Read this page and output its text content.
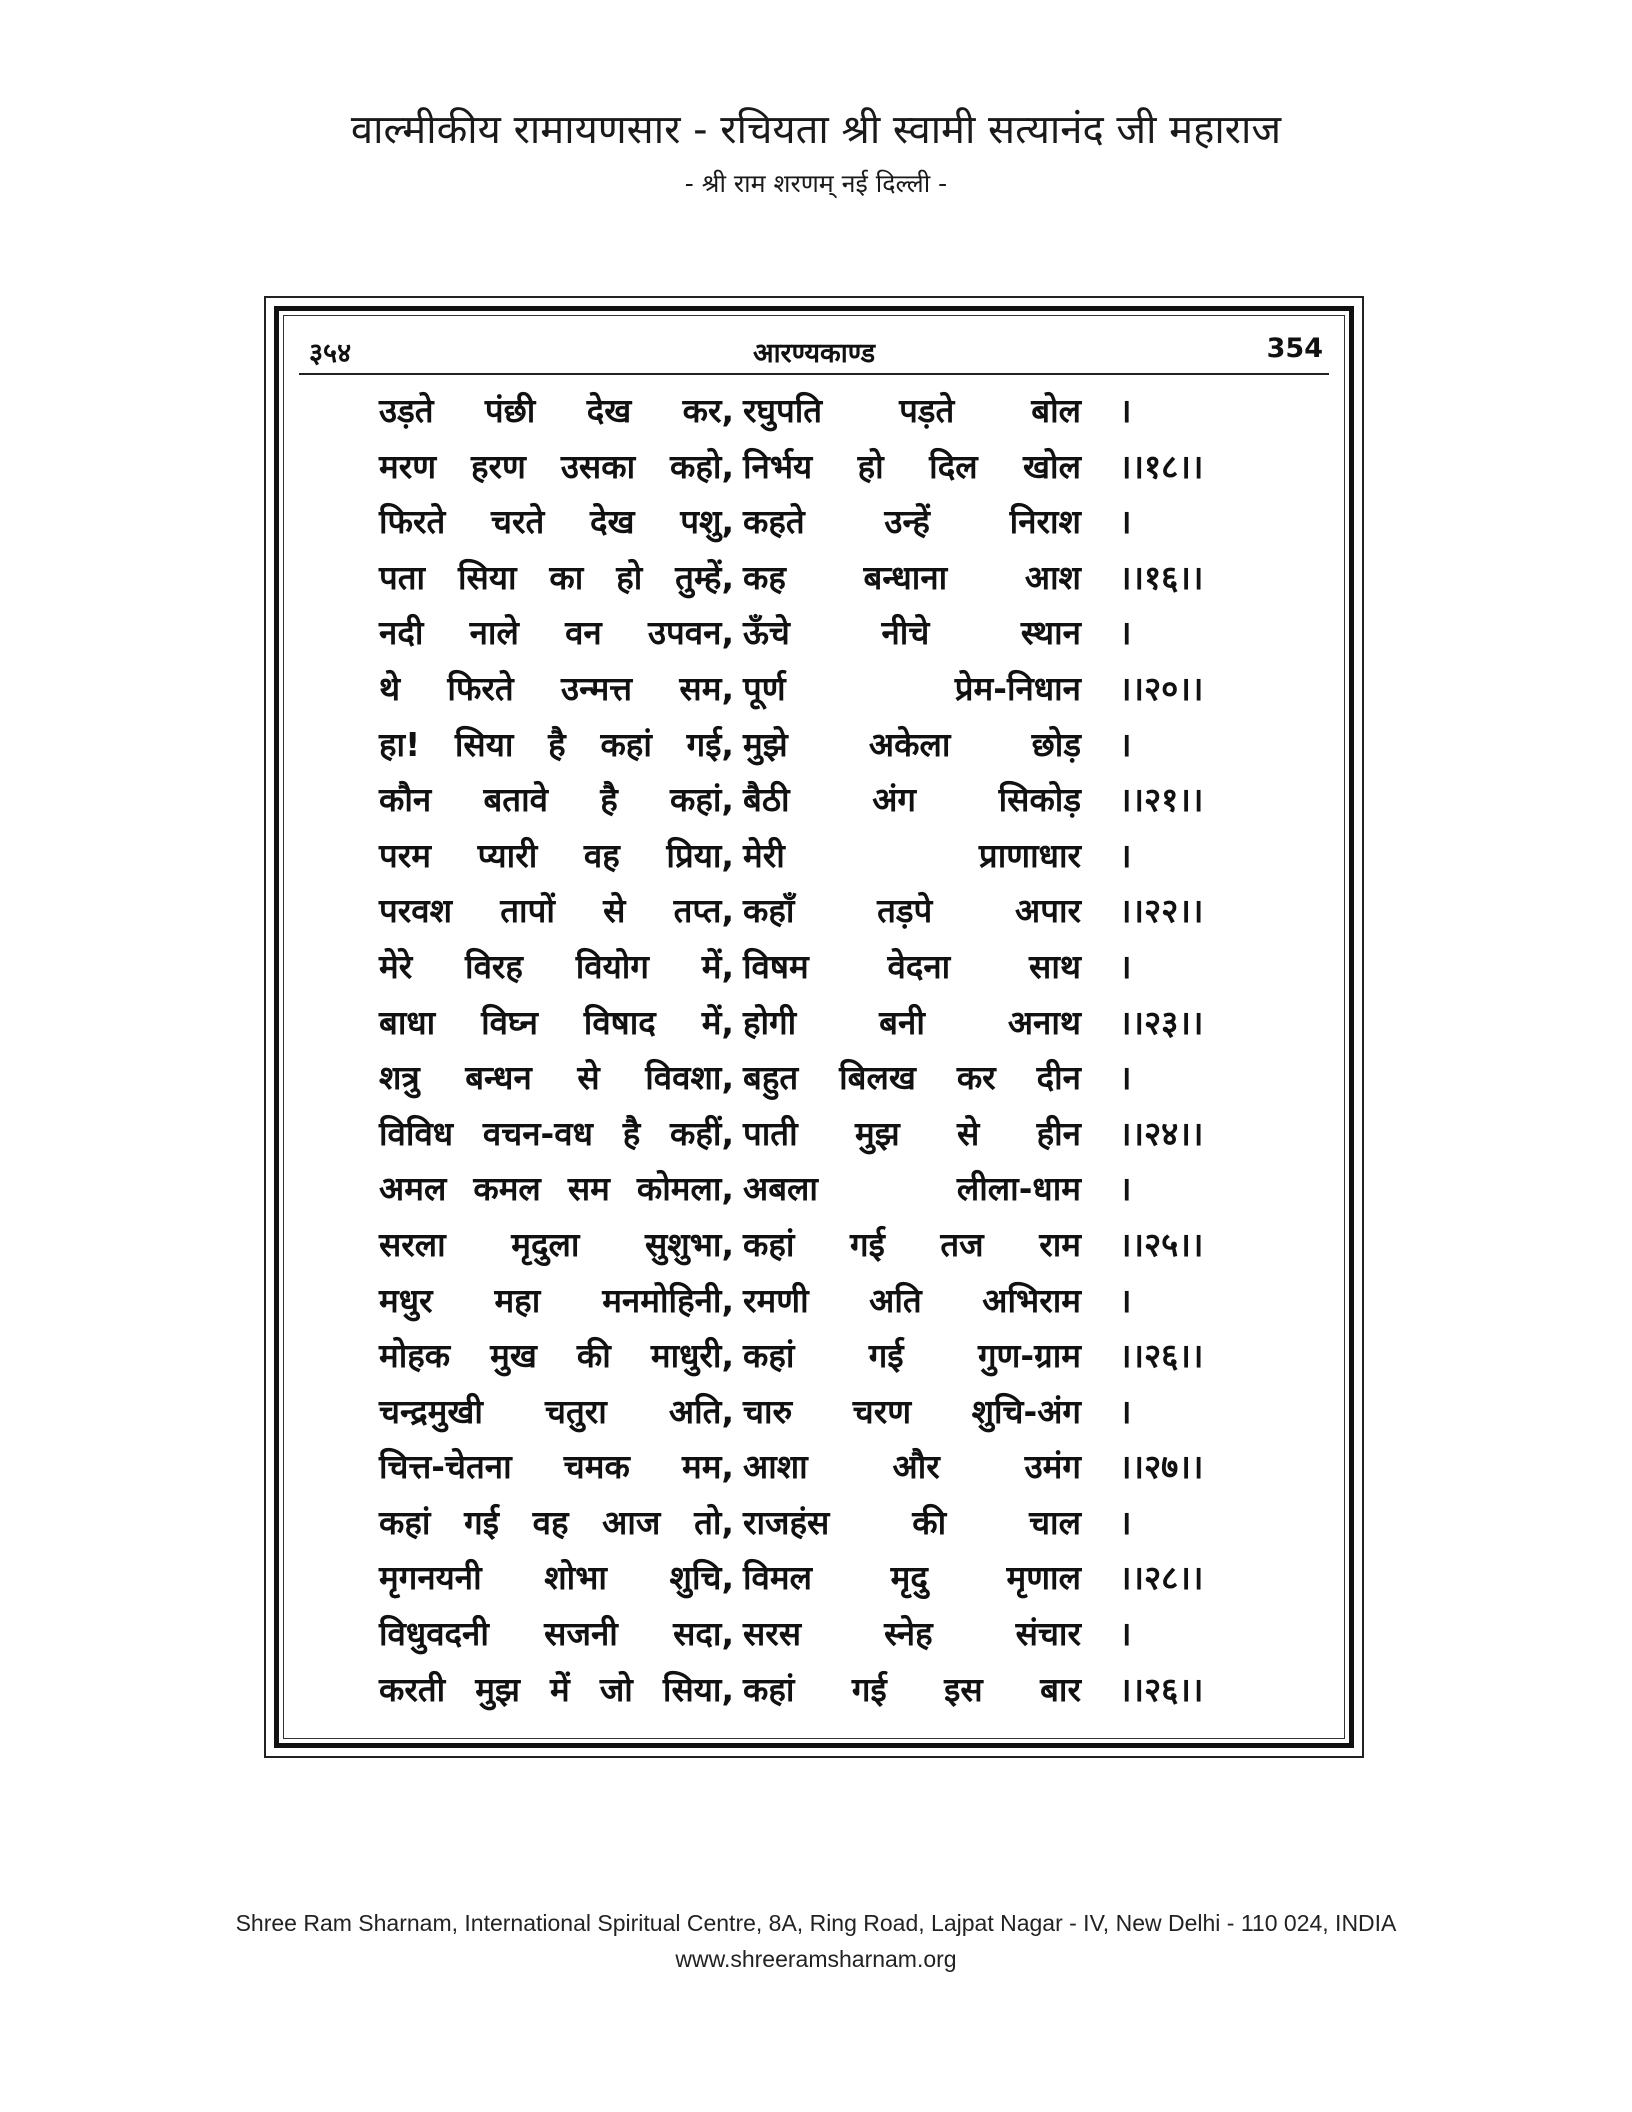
वाल्मीकीय रामायणसार - रचियता श्री स्वामी सत्यानंद जी महाराज
- श्री राम शरणम् नई दिल्ली -
३५४	आरण्यकाण्ड	354
उड़ते पंछी देख कर, रघुपति पड़ते बोल ।
मरण हरण उसका कहो, निर्भय हो दिल खोल ।।१८।।
फिरते चरते देख पशु, कहते उन्हें निराश ।
पता सिया का हो तुम्हें, कह बन्धाना आश ।।१६।।
नदी नाले वन उपवन, ऊँचे	नीचे	स्थान ।
थे फिरते उन्मत्त सम, पूर्ण	प्रेम-निधान ।।२०।।
हा! सिया है कहां गई, मुझे अकेला छोड़ ।
कौन बतावे है कहां, बैठी	अंग	सिकोड़ ।।२१।।
परम प्यारी वह प्रिया, मेरी	प्राणाधार ।
परवश तापों से तप्त, कहाँ	तड़पे	अपार ।।२२।।
मेरे विरह वियोग में, विषम वेदना साथ ।
बाधा विघ्न विषाद में, होगी	बनी	अनाथ ।।२३।।
शत्रु बन्धन से विवशा, बहुत बिलख कर दीन ।
विविध वचन-वध है कहीं, पाती मुझ से हीन ।।२४।।
अमल कमल सम कोमला, अबला	लीला-धाम ।
सरला मृदुला सुशुभा, कहां गई तज राम ।।२५।।
मधुर महा मनमोहिनी, रमणी अति अभिराम ।
मोहक मुख की माधुरी, कहां गई गुण-ग्राम ।।२६।।
चन्द्रमुखी चतुरा अति, चारु चरण शुचि-अंग ।
चित्त-चेतना चमक मम, आशा	और	उमंग ।।२७।।
कहां गई वह आज तो, राजहंस	की	चाल ।
मृगनयनी शोभा शुचि, विमल मृदु मृणाल ।।२८।।
विधुवदनी सजनी सदा, सरस	स्नेह	संचार ।
करती मुझ में जो सिया, कहां गई इस बार ।।२६।।
Shree Ram Sharnam, International Spiritual Centre, 8A, Ring Road, Lajpat Nagar - IV, New Delhi - 110 024, INDIA
www.shreeramsharnam.org
